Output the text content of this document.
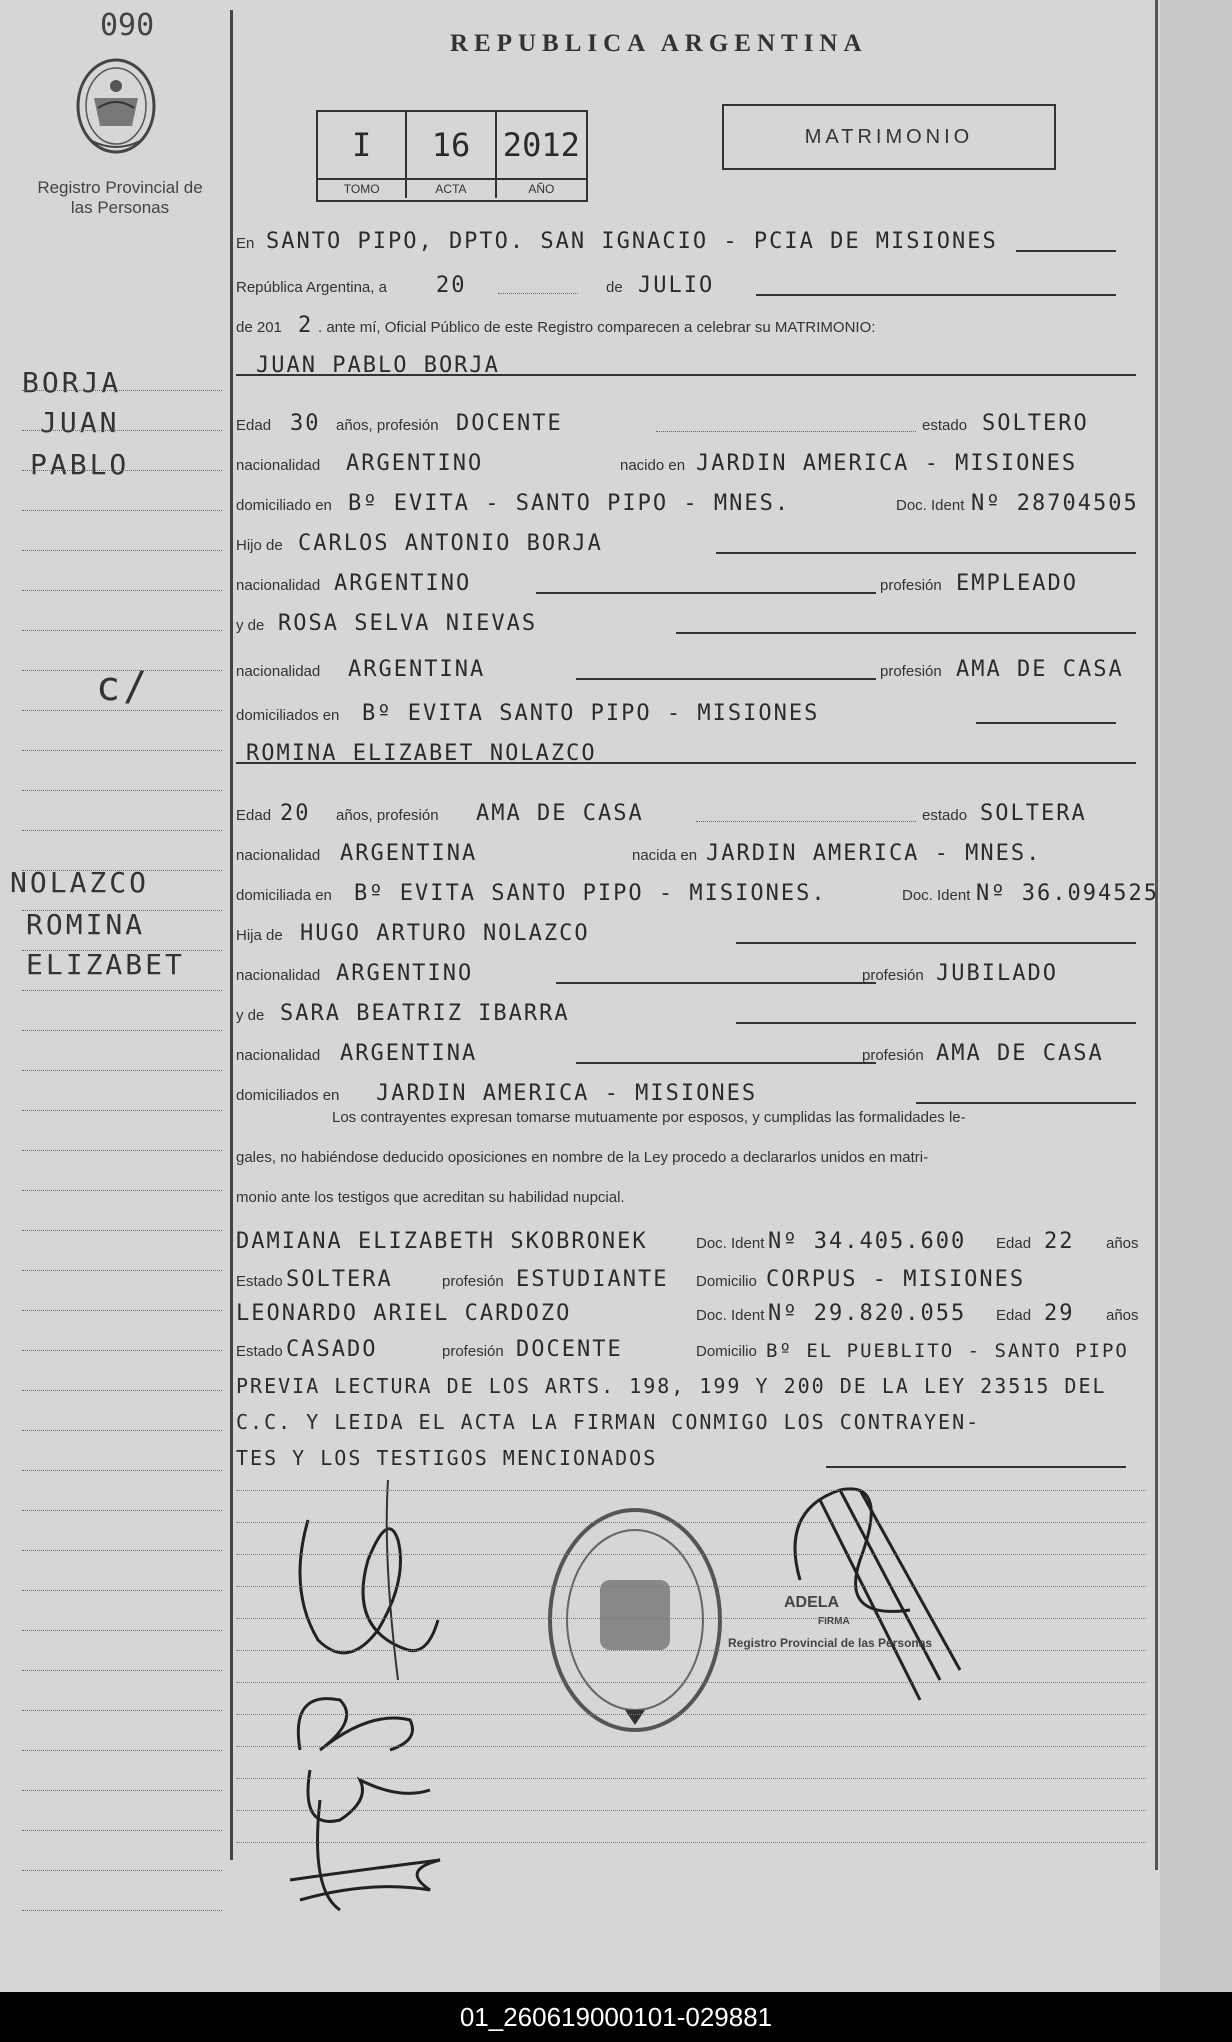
090
Registro Provincial de las Personas
REPUBLICA ARGENTINA
I	16	2012
TOMO	ACTA	AÑO
MATRIMONIO
En SANTO PIPO, DPTO. SAN IGNACIO - PCIA DE MISIONES
República Argentina, a 20	de JULIO
de 201 2 . ante mí, Oficial Público de este Registro comparecen a celebrar su MATRIMONIO:
JUAN PABLO BORJA
Edad 30 años, profesión DOCENTE	estado SOLTERO
nacionalidad ARGENTINO	nacido en JARDIN AMERICA - MISIONES
domiciliado en Bº EVITA - SANTO PIPO - MNES.	Doc. Ident Nº 28704505
Hijo de CARLOS ANTONIO BORJA
nacionalidad ARGENTINO	profesión EMPLEADO
y de ROSA SELVA NIEVAS
nacionalidad ARGENTINA	profesión AMA DE CASA
domiciliados en Bº EVITA SANTO PIPO - MISIONES
ROMINA ELIZABET NOLAZCO
Edad 20 años, profesión AMA DE CASA	estado SOLTERA
nacionalidad ARGENTINA	nacida en JARDIN AMERICA - MNES.
domiciliada en Bº EVITA SANTO PIPO - MISIONES.	Doc. Ident Nº 36.094525
Hija de HUGO ARTURO NOLAZCO
nacionalidad ARGENTINO	profesión JUBILADO
y de SARA BEATRIZ IBARRA
nacionalidad ARGENTINA	profesión AMA DE CASA
domiciliados en JARDIN AMERICA - MISIONES
Los contrayentes expresan tomarse mutuamente por esposos, y cumplidas las formalidades le-
gales, no habiéndose deducido oposiciones en nombre de la Ley procedo a declararlos unidos en matri-
monio ante los testigos que acreditan su habilidad nupcial.
DAMIANA ELIZABETH SKOBRONEK	Doc. Ident Nº 34.405.600 Edad 22 años
Estado SOLTERA	profesión ESTUDIANTE Domicilio CORPUS - MISIONES
LEONARDO ARIEL CARDOZO	Doc. Ident Nº 29.820.055 Edad 29 años
Estado CASADO	profesión DOCENTE	Domicilio Bº EL PUEBLITO - SANTO PIPO
PREVIA LECTURA DE LOS ARTS. 198, 199 Y 200 DE LA LEY 23515 DEL
C.C. Y LEIDA EL ACTA LA FIRMAN CONMIGO LOS CONTRAYEN-
TES Y LOS TESTIGOS MENCIONADOS
BORJA
JUAN
PABLO
c/
NOLAZCO
ROMINA
ELIZABET
ADELA
FIRMA
Registro Provincial de las Personas
01_260619000101-029881
